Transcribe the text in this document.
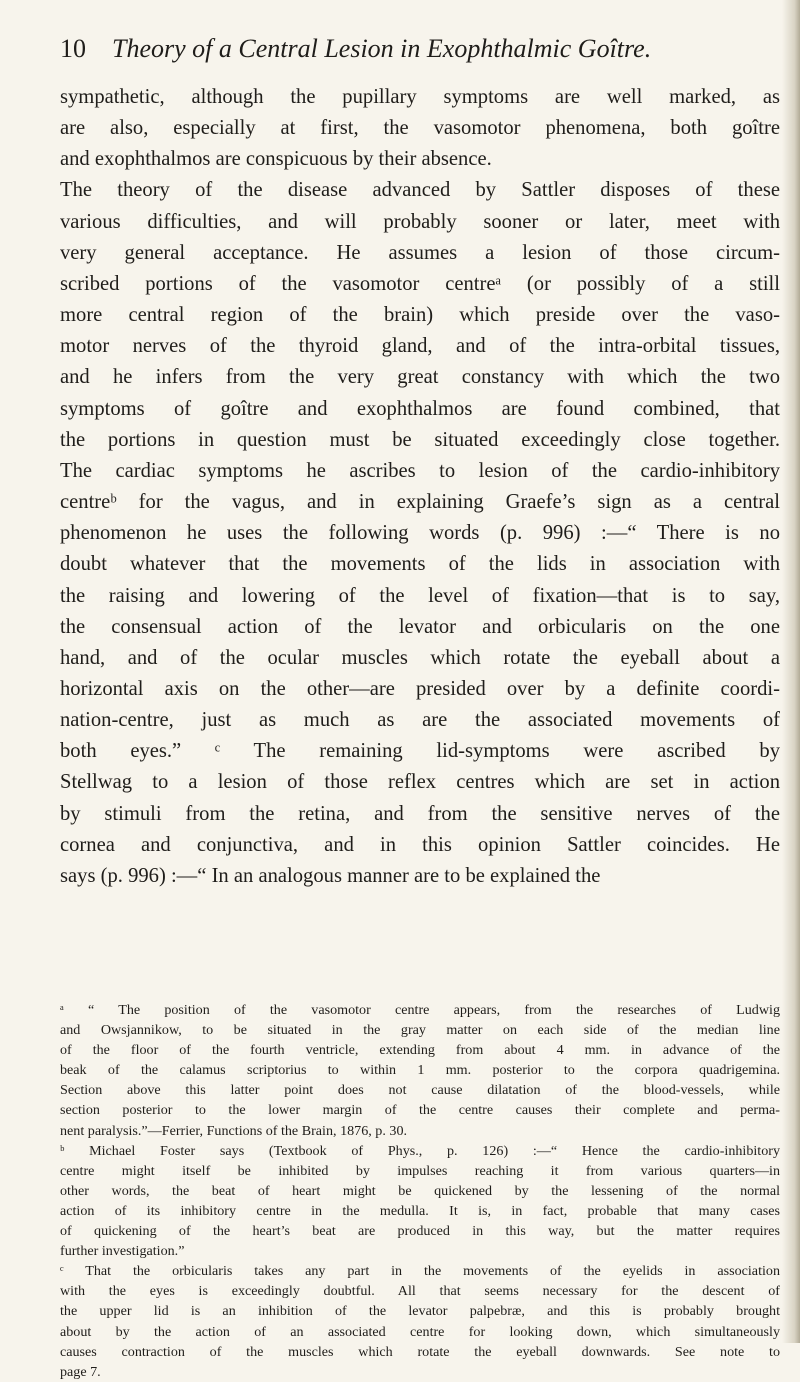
10 Theory of a Central Lesion in Exophthalmic Goître.
sympathetic, although the pupillary symptoms are well marked, as
are also, especially at first, the vasomotor phenomena, both goître
and exophthalmos are conspicuous by their absence.
The theory of the disease advanced by Sattler disposes of these
various difficulties, and will probably sooner or later, meet with
very general acceptance. He assumes a lesion of those circum-
scribed portions of the vasomotor centreᵃ (or possibly of a still
more central region of the brain) which preside over the vaso-
motor nerves of the thyroid gland, and of the intra-orbital tissues,
and he infers from the very great constancy with which the two
symptoms of goître and exophthalmos are found combined, that
the portions in question must be situated exceedingly close together.
The cardiac symptoms he ascribes to lesion of the cardio-inhibitory
centreᵇ for the vagus, and in explaining Graefe’s sign as a central
phenomenon he uses the following words (p. 996) :—“ There is no
doubt whatever that the movements of the lids in association with
the raising and lowering of the level of fixation—that is to say,
the consensual action of the levator and orbicularis on the one
hand, and of the ocular muscles which rotate the eyeball about a
horizontal axis on the other—are presided over by a definite coordi-
nation-centre, just as much as are the associated movements of
both eyes.” ᶜ The remaining lid-symptoms were ascribed by
Stellwag to a lesion of those reflex centres which are set in action
by stimuli from the retina, and from the sensitive nerves of the
cornea and conjunctiva, and in this opinion Sattler coincides. He
says (p. 996) :—“ In an analogous manner are to be explained the
ᵃ “ The position of the vasomotor centre appears, from the researches of Ludwig
and Owsjannikow, to be situated in the gray matter on each side of the median line
of the floor of the fourth ventricle, extending from about 4 mm. in advance of the
beak of the calamus scriptorius to within 1 mm. posterior to the corpora quadrigemina.
Section above this latter point does not cause dilatation of the blood-vessels, while
section posterior to the lower margin of the centre causes their complete and perma-
nent paralysis.”—Ferrier, Functions of the Brain, 1876, p. 30.
ᵇ Michael Foster says (Textbook of Phys., p. 126) :—“ Hence the cardio-inhibitory
centre might itself be inhibited by impulses reaching it from various quarters—in
other words, the beat of heart might be quickened by the lessening of the normal
action of its inhibitory centre in the medulla. It is, in fact, probable that many cases
of quickening of the heart’s beat are produced in this way, but the matter requires
further investigation.”
ᶜ That the orbicularis takes any part in the movements of the eyelids in association
with the eyes is exceedingly doubtful. All that seems necessary for the descent of
the upper lid is an inhibition of the levator palpebræ, and this is probably brought
about by the action of an associated centre for looking down, which simultaneously
causes contraction of the muscles which rotate the eyeball downwards. See note to
page 7.
